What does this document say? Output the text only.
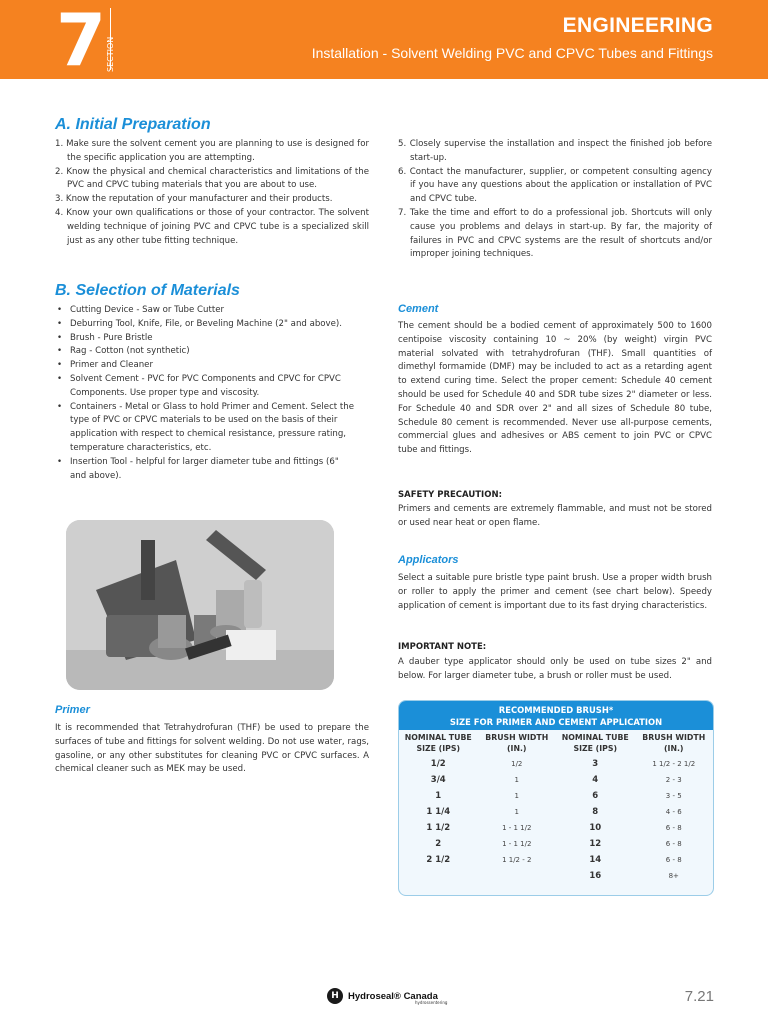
7 SECTION
ENGINEERING
Installation - Solvent Welding PVC and CPVC Tubes and Fittings
A. Initial Preparation
1. Make sure the solvent cement you are planning to use is designed for the specific application you are attempting.
2. Know the physical and chemical characteristics and limitations of the PVC and CPVC tubing materials that you are about to use.
3. Know the reputation of your manufacturer and their products.
4. Know your own qualifications or those of your contractor. The solvent welding technique of joining PVC and CPVC tube is a specialized skill just as any other tube fitting technique.
5. Closely supervise the installation and inspect the finished job before start-up.
6. Contact the manufacturer, supplier, or competent consulting agency if you have any questions about the application or installation of PVC and CPVC tube.
7. Take the time and effort to do a professional job. Shortcuts will only cause you problems and delays in start-up. By far, the majority of failures in PVC and CPVC systems are the result of shortcuts and/or improper joining techniques.
B. Selection of Materials
• Cutting Device - Saw or Tube Cutter
• Deburring Tool, Knife, File, or Beveling Machine (2" and above).
• Brush - Pure Bristle
• Rag - Cotton (not synthetic)
• Primer and Cleaner
• Solvent Cement - PVC for PVC Components and CPVC for CPVC Components. Use proper type and viscosity.
• Containers - Metal or Glass to hold Primer and Cement. Select the type of PVC or CPVC materials to be used on the basis of their application with respect to chemical resistance, pressure rating, temperature characteristics, etc.
• Insertion Tool - helpful for larger diameter tube and fittings (6" and above).
Primer

It is recommended that Tetrahydrofuran (THF) be used to prepare the surfaces of tube and fittings for solvent welding. Do not use water, rags, gasoline, or any other substitutes for cleaning PVC or CPVC surfaces. A chemical cleaner such as MEK may be used.

Cement

The cement should be a bodied cement of approximately 500 to 1600 centipoise viscosity containing 10 ~ 20% (by weight) virgin PVC material solvated with tetrahydrofuran (THF). Small quantities of dimethyl formamide (DMF) may be included to act as a retarding agent to extend curing time. Select the proper cement: Schedule 40 cement should be used for Schedule 40 and SDR tube sizes 2" diameter or less. For Schedule 40 and SDR over 2" and all sizes of Schedule 80 tube, Schedule 80 cement is recommended. Never use all-purpose cements, commercial glues and adhesives or ABS cement to join PVC or CPVC tube and fittings.

SAFETY PRECAUTION:

Primers and cements are extremely flammable, and must not be stored or used near heat or open flame.

Applicators

Select a suitable pure bristle type paint brush. Use a proper width brush or roller to apply the primer and cement (see chart below). Speedy application of cement is important due to its fast drying characteristics.

IMPORTANT NOTE:

A dauber type applicator should only be used on tube sizes 2" and below. For larger diameter tube, a brush or roller must be used.

RECOMMENDED BRUSH*
SIZE FOR PRIMER AND CEMENT APPLICATION
NOMINAL TUBE SIZE (IPS)	BRUSH WIDTH (IN.)	NOMINAL TUBE SIZE (IPS)	BRUSH WIDTH (IN.)
1/2	1/2	3	1 1/2 - 2 1/2
3/4	1	4	2 - 3
1	1	6	3 - 5
1 1/4	1	8	4 - 6
1 1/2	1 - 1 1/2	10	6 - 8
2	1 - 1 1/2	12	6 - 8
2 1/2	1 1/2 - 2	14	6 - 8
		16	8+
H Hydroseal® Canada
hydrossentering	7.21
